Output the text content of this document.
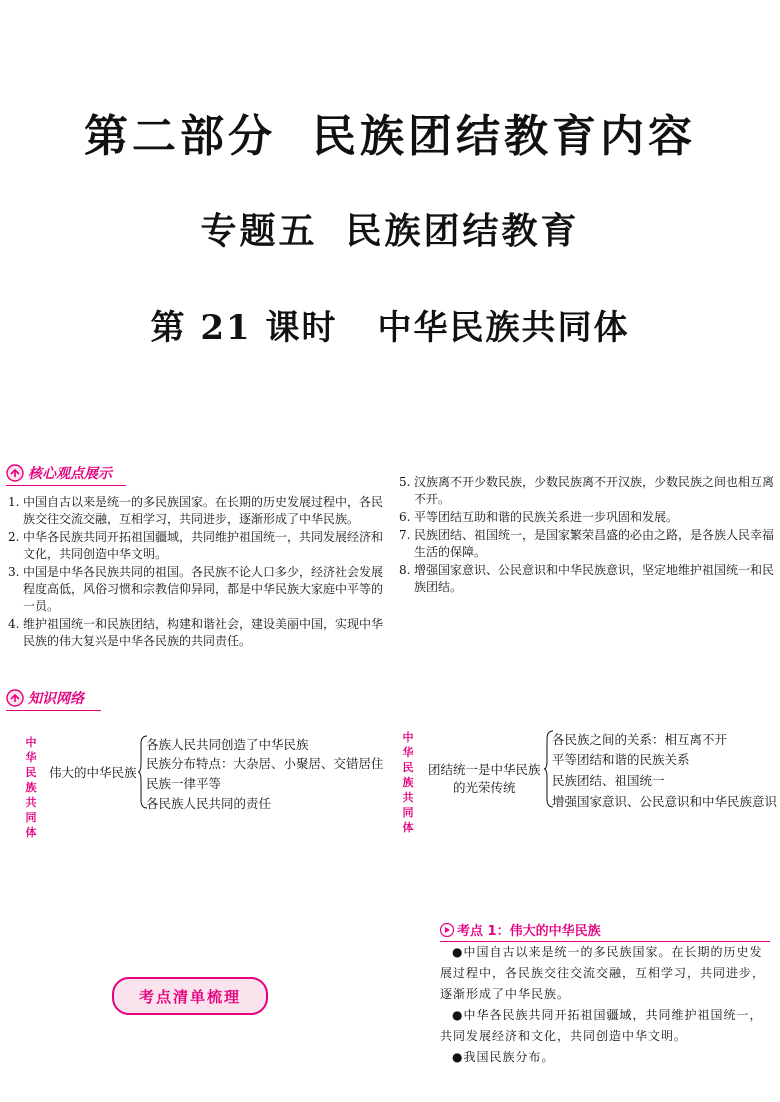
第二部分 民族团结教育内容
专题五 民族团结教育
第 21 课时 中华民族共同体
核心观点展示
1. 中国自古以来是统一的多民族国家。在长期的历史发展过程中，各民族交往交流交融，互相学习，共同进步，逐渐形成了中华民族。
2. 中华各民族共同开拓祖国疆域，共同维护祖国统一，共同发展经济和文化，共同创造中华文明。
3. 中国是中华各民族共同的祖国。各民族不论人口多少，经济社会发展程度高低，风俗习惯和宗教信仰异同，都是中华民族大家庭中平等的一员。
4. 维护祖国统一和民族团结，构建和谐社会，建设美丽中国，实现中华民族的伟大复兴是中华各民族的共同责任。
5. 汉族离不开少数民族，少数民族离不开汉族，少数民族之间也相互离不开。
6. 平等团结互助和谐的民族关系进一步巩固和发展。
7. 民族团结、祖国统一，是国家繁荣昌盛的必由之路，是各族人民幸福生活的保障。
8. 增强国家意识、公民意识和中华民族意识，坚定地维护祖国统一和民族团结。
知识网络
中华民族共同体
伟大的中华民族
各族人民共同创造了中华民族
民族分布特点：大杂居、小聚居、交错居住
民族一律平等
各民族人民共同的责任
中华民族共同体
团结统一是中华民族
的光荣传统
各民族之间的关系：相互离不开
平等团结和谐的民族关系
民族团结、祖国统一
增强国家意识、公民意识和中华民族意识
考点清单梳理
考点 1：伟大的中华民族

●中国自古以来是统一的多民族国家。在长期的历史发展过程中，各民族交往交流交融，互相学习，共同进步，逐渐形成了中华民族。

●中华各民族共同开拓祖国疆域，共同维护祖国统一，共同发展经济和文化，共同创造中华文明。

●我国民族分布。
